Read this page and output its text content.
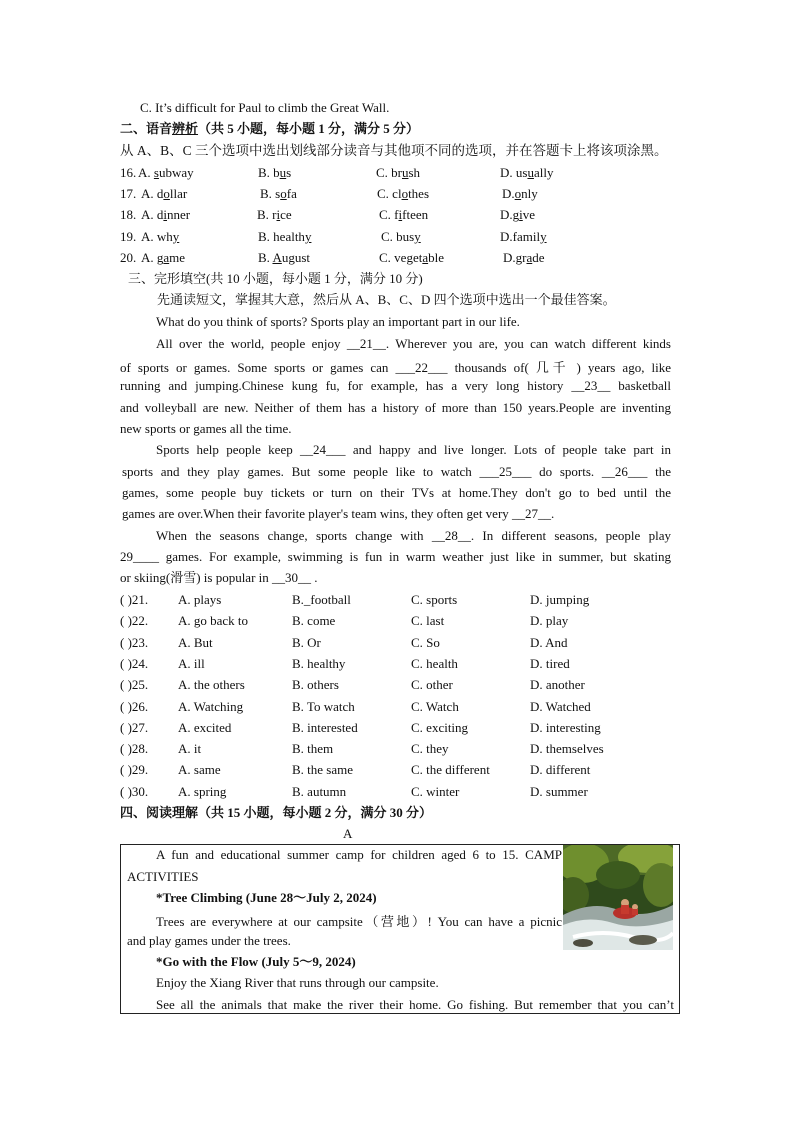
C. It’s difficult for Paul to climb the Great Wall.
二、语音辨析（共 5 小题，每小题 1 分，满分 5 分）
从 A、B、C 三个选项中选出划线部分读音与其他项不同的选项，并在答题卡上将该项涂黑。
16. A. subway	B. bus	C. brush	D. usually
17. A. dollar	B. sofa	C. clothes	D.only
18. A. dinner	B. rice	C. fifteen	D.give
19. A. why	B. healthy	C. busy	D.family
20. A. game	B. August	C. vegetable	D.grade
三、完形填空(共 10 小题，每小题 1 分，满分 10 分)
先通读短文，掌握其大意，然后从 A、B、C、D 四个选项中选出一个最佳答案。
What do you think of sports? Sports play an important part in our life.
All over the world, people enjoy __21__. Wherever you are, you can watch different kinds
of sports or games. Some sports or games can ___22___ thousands of( 几千 ) years ago, like
running and jumping.Chinese kung fu, for example, has a very long history __23__ basketball
and volleyball are new. Neither of them has a history of more than 150 years.People are inventing
new sports or games all the time.
Sports help people keep __24___ and happy and live longer. Lots of people take part in
sports and they play games. But some people like to watch ___25___ do sports. __26___ the
games, some people buy tickets or turn on their TVs at home.They don't go to bed until the
games are over.When their favorite player's team wins, they often get very __27__.
When the seasons change, sports change with __28__. In different seasons, people play
29____ games. For example, swimming is fun in warm weather just like in summer, but skating
or skiing(滑雪) is popular in __30__ .
( )21. A. plays	B._football	C. sports	D. jumping
( )22. A. go back to	B. come	C. last	D. play
( )23. A. But	B. Or	C. So	D. And
( )24. A. ill	B. healthy	C. health	D. tired
( )25. A. the others	B. others	C. other	D. another
( )26. A. Watching	B. To watch	C. Watch	D. Watched
( )27. A. excited	B. interested	C. exciting	D. interesting
( )28. A. it	B. them	C. they	D. themselves
( )29. A. same	B. the same	C. the different	D. different
( )30. A. spring	B. autumn	C. winter	D. summer
四、阅读理解（共 15 小题，每小题 2 分，满分 30 分）
A
A fun and educational summer camp for children aged 6 to 15. CAMP
ACTIVITIES
*Tree Climbing (June 28～July 2, 2024)
Trees are everywhere at our campsite（营地）! You can have a picnic
and play games under the trees.
*Go with the Flow (July 5～9, 2024)
Enjoy the Xiang River that runs through our campsite.
See all the animals that make the river their home. Go fishing. But remember that you can’t
